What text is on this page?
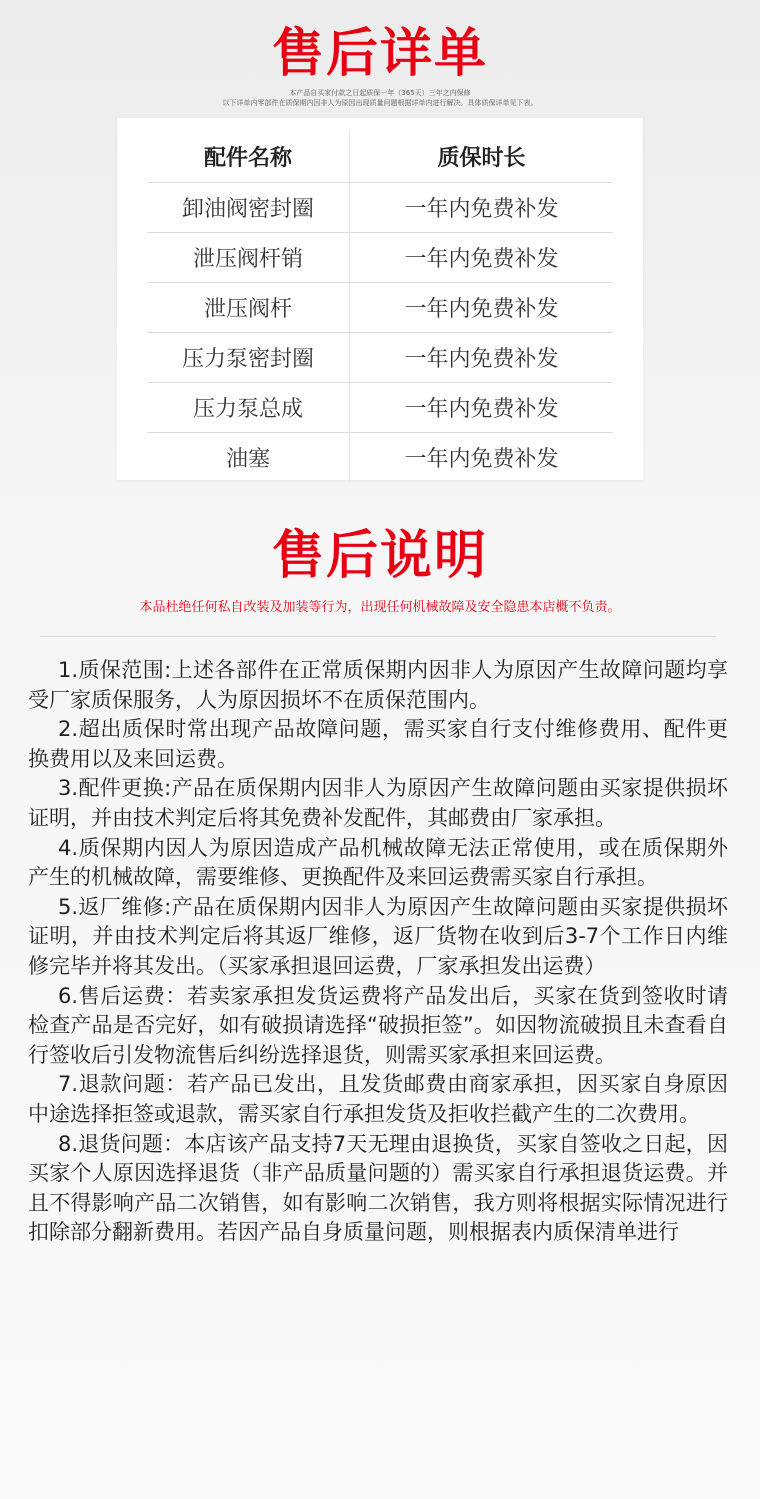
售后详单
本产品自买家付款之日起质保一年（365天）三年之内保修
以下详单内零部件在质保期内因非人为原因出现质量问题根据详单内进行解决。具体质保详单见下表。
配件名称	质保时长
卸油阀密封圈	一年内免费补发
泄压阀杆销	一年内免费补发
泄压阀杆	一年内免费补发
压力泵密封圈	一年内免费补发
压力泵总成	一年内免费补发
油塞	一年内免费补发
售后说明
本品杜绝任何私自改装及加装等行为，出现任何机械故障及安全隐患本店概不负责。

1.质保范围:上述各部件在正常质保期内因非人为原因产生故障问题均享受厂家质保服务，人为原因损坏不在质保范围内。

2.超出质保时常出现产品故障问题，需买家自行支付维修费用、配件更换费用以及来回运费。

3.配件更换:产品在质保期内因非人为原因产生故障问题由买家提供损坏证明，并由技术判定后将其免费补发配件，其邮费由厂家承担。

4.质保期内因人为原因造成产品机械故障无法正常使用，或在质保期外产生的机械故障，需要维修、更换配件及来回运费需买家自行承担。

5.返厂维修:产品在质保期内因非人为原因产生故障问题由买家提供损坏证明，并由技术判定后将其返厂维修，返厂货物在收到后3-7个工作日内维修完毕并将其发出。（买家承担退回运费，厂家承担发出运费）

6.售后运费：若卖家承担发货运费将产品发出后，买家在货到签收时请检查产品是否完好，如有破损请选择“破损拒签”。如因物流破损且未查看自行签收后引发物流售后纠纷选择退货，则需买家承担来回运费。

7.退款问题：若产品已发出，且发货邮费由商家承担，因买家自身原因中途选择拒签或退款，需买家自行承担发货及拒收拦截产生的二次费用。

8.退货问题：本店该产品支持7天无理由退换货，买家自签收之日起，因买家个人原因选择退货（非产品质量问题的）需买家自行承担退货运费。并且不得影响产品二次销售，如有影响二次销售，我方则将根据实际情况进行扣除部分翻新费用。若因产品自身质量问题，则根据表内质保清单进行
